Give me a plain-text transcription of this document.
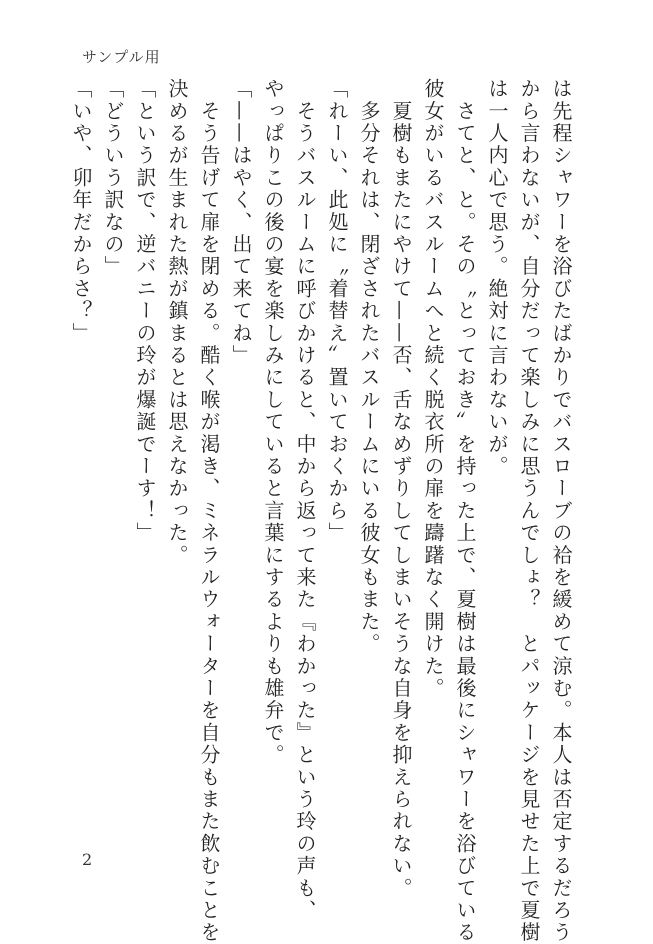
サンプル用
は先程シャワーを浴びたばかりでバスローブの袷を緩めて涼む。本人は否定するだろう
から言わないが、自分だって楽しみに思うんでしょ？　とパッケージを見せた上で夏樹
は一人内心で思う。絶対に言わないが。
　さてと、と。その〝とっておき〟を持った上で、夏樹は最後にシャワーを浴びている
彼女がいるバスルームへと続く脱衣所の扉を躊躇なく開けた。
　夏樹もまたにやけて——否、舌なめずりしてしまいそうな自身を抑えられない。
　多分それは、閉ざされたバスルームにいる彼女もまた。
「れーい、此処に〝着替え〟置いておくから」
　そうバスルームに呼びかけると、中から返って来た『わかった』という玲の声も、
やっぱりこの後の宴を楽しみにしていると言葉にするよりも雄弁で。
「——はやく、出て来てね」
　そう告げて扉を閉める。酷く喉が渇き、ミネラルウォーターを自分もまた飲むことを
決めるが生まれた熱が鎮まるとは思えなかった。
「という訳で、逆バニーの玲が爆誕でーす！」
「どういう訳なの」
「いや、卯年だからさ？」
2
